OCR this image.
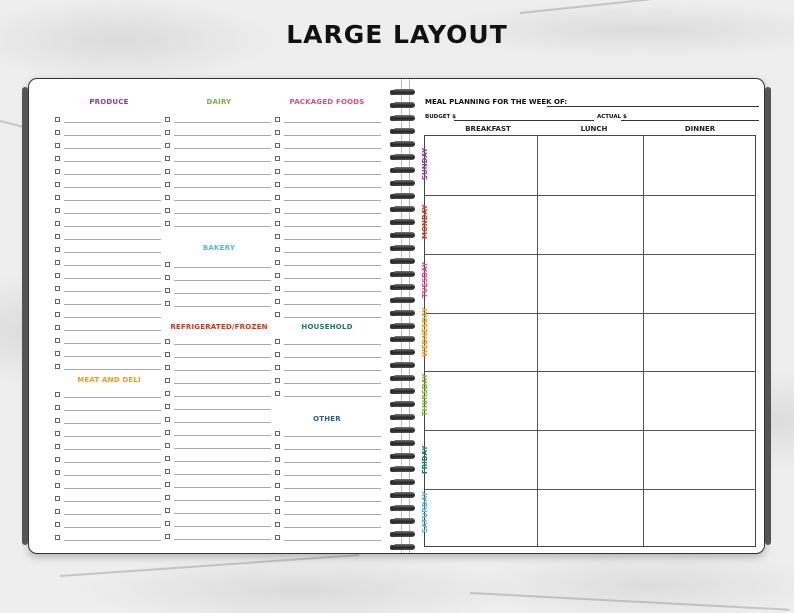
LARGE LAYOUT
PRODUCE	DAIRY	PACKAGED FOODS
BAKERY
REFRIGERATED/FROZEN	HOUSEHOLD
MEAT AND DELI
OTHER
MEAL PLANNING FOR THE WEEK OF:
BUDGET $	ACTUAL $
BREAKFAST	LUNCH	DINNER
SUNDAY
MONDAY
TUESDAY
WEDNESDAY
THURSDAY
FRIDAY
SATURDAY
